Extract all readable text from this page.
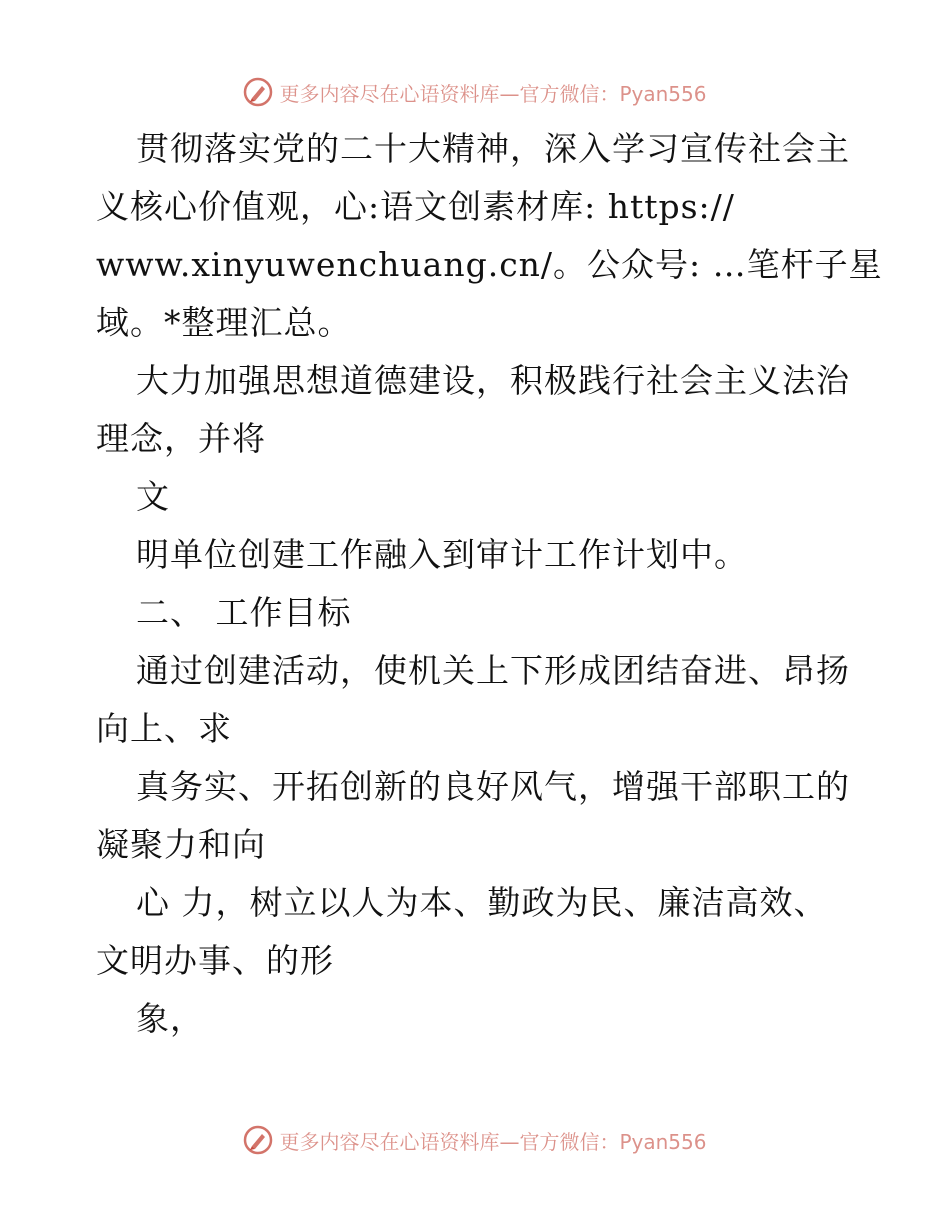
更多内容尽在心语资料库—官方微信：Pyan556
贯彻落实党的二十大精神，深入学习宣传社会主
义核心价值观，心:语文创素材库: https://
www.xinyuwenchuang.cn/。公众号: …笔杆子星
域。*整理汇总。
大力加强思想道德建设，积极践行社会主义法治
理念，并将
文
明单位创建工作融入到审计工作计划中。
二、 工作目标
通过创建活动，使机关上下形成团结奋进、昂扬
向上、求
真务实、开拓创新的良好风气，增强干部职工的
凝聚力和向
心 力，树立以人为本、勤政为民、廉洁高效、
文明办事、的形
象，
更多内容尽在心语资料库—官方微信：Pyan556
